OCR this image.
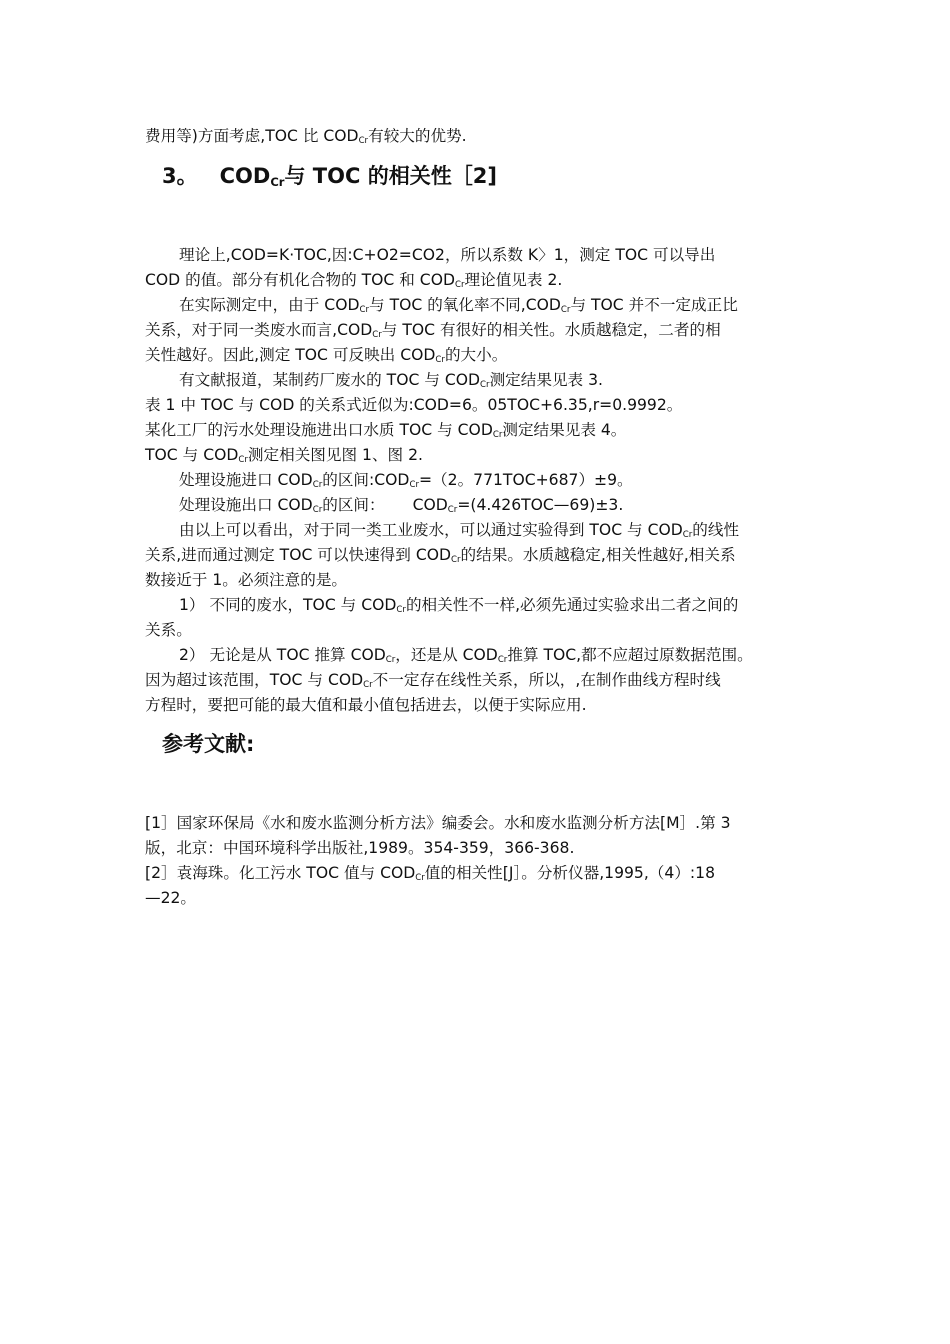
费用等)方面考虑,TOC 比 $COD_{Cr}$有较大的优势.
3。 $COD_{Cr}$与 TOC 的相关性［2]
理论上,COD=K·TOC,因:C+O2=CO2，所以系数 K〉1，测定 TOC 可以导出
COD 的值。部分有机化合物的 TOC 和 $COD_{Cr}$理论值见表 2.
在实际测定中，由于 $COD_{Cr}$与 TOC 的氧化率不同$,COD_{Cr}$与 TOC 并不一定成正比
关系，对于同一类废水而言$,COD_{Cr}$与 TOC 有很好的相关性。水质越稳定，二者的相
关性越好。因此,测定 TOC 可反映出 $COD_{Cr}$的大小。
有文献报道，某制药厂废水的 TOC 与 $COD_{Cr}$测定结果见表 3.
表 1 中 TOC 与 COD 的关系式近似为:COD=6。05TOC+6.35,r=0.9992。
某化工厂的污水处理设施进出口水质 TOC 与 $COD_{Cr}$测定结果见表 4。
TOC 与 $COD_{Cr}$测定相关图见图 1、图 2.
处理设施进口 $COD_{Cr}$的区间$:COD_{Cr}=(2$。771TOC+687）±9。
处理设施出口 $COD_{Cr}$的区间： $COD_{Cr}=(4.426TOC—69)\pm 3$.
由以上可以看出，对于同一类工业废水，可以通过实验得到 TOC 与 $COD_{Cr}$的线性
关系,进而通过测定 TOC 可以快速得到 $COD_{Cr}$的结果。水质越稳定,相关性越好,相关系
数接近于 1。必须注意的是。
1） 不同的废水，TOC 与 $COD_{Cr}$的相关性不一样,必须先通过实验求出二者之间的
关系。
2） 无论是从 TOC 推算 $COD_{Cr}$，还是从 $COD_{Cr}$推算 TOC,都不应超过原数据范围。
因为超过该范围，TOC 与 $COD_{Cr}$不一定存在线性关系，所以，,在制作曲线方程时线
方程时，要把可能的最大值和最小值包括进去，以便于实际应用.
参考文献:
[1］国家环保局《水和废水监测分析方法》编委会。水和废水监测分析方法[M］.第 3
版，北京：中国环境科学出版社,1989。354-359，366-368.
[2］袁海珠。化工污水 TOC 值与 $COD_{Cr}$值的相关性[J］。分析仪器,1995,（4）:18
—22。
